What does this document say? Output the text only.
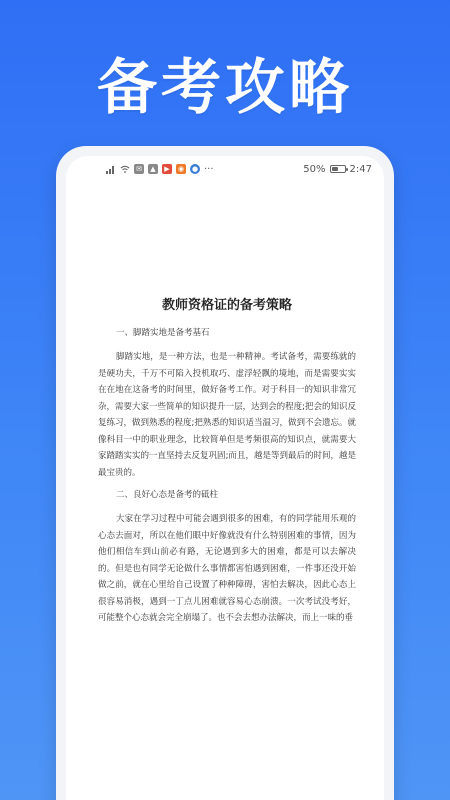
备考攻略
✉	▲	▶	◉ ● ···	50% 2:47
教师资格证的备考策略
一、脚踏实地是备考基石

脚踏实地，是一种方法，也是一种精神。考试备考，需要练就的是硬功夫，千万不可陷入投机取巧、虚浮轻飘的境地，而是需要实实在在地在这备考的时间里，做好备考工作。对于科目一的知识非常冗杂，需要大家一些简单的知识提升一层，达到会的程度;把会的知识反复练习，做到熟悉的程度;把熟悉的知识适当温习，做到不会遗忘。就像科目一中的职业理念，比较简单但是考频很高的知识点，就需要大家踏踏实实的一直坚持去反复巩固;而且，越是等到最后的时间，越是最宝贵的。

二、良好心态是备考的砥柱

大家在学习过程中可能会遇到很多的困难，有的同学能用乐观的心态去面对，所以在他们眼中好像就没有什么特别困难的事情，因为他们相信车到山前必有路，无论遇到多大的困难，都是可以去解决的。但是也有同学无论做什么事情都害怕遇到困难，一件事还没开始做之前，就在心里给自己设置了种种障碍，害怕去解决，因此心态上很容易消极，遇到一丁点儿困难就容易心态崩溃。一次考试没考好，可能整个心态就会完全崩塌了。也不会去想办法解决，而上一味的垂
